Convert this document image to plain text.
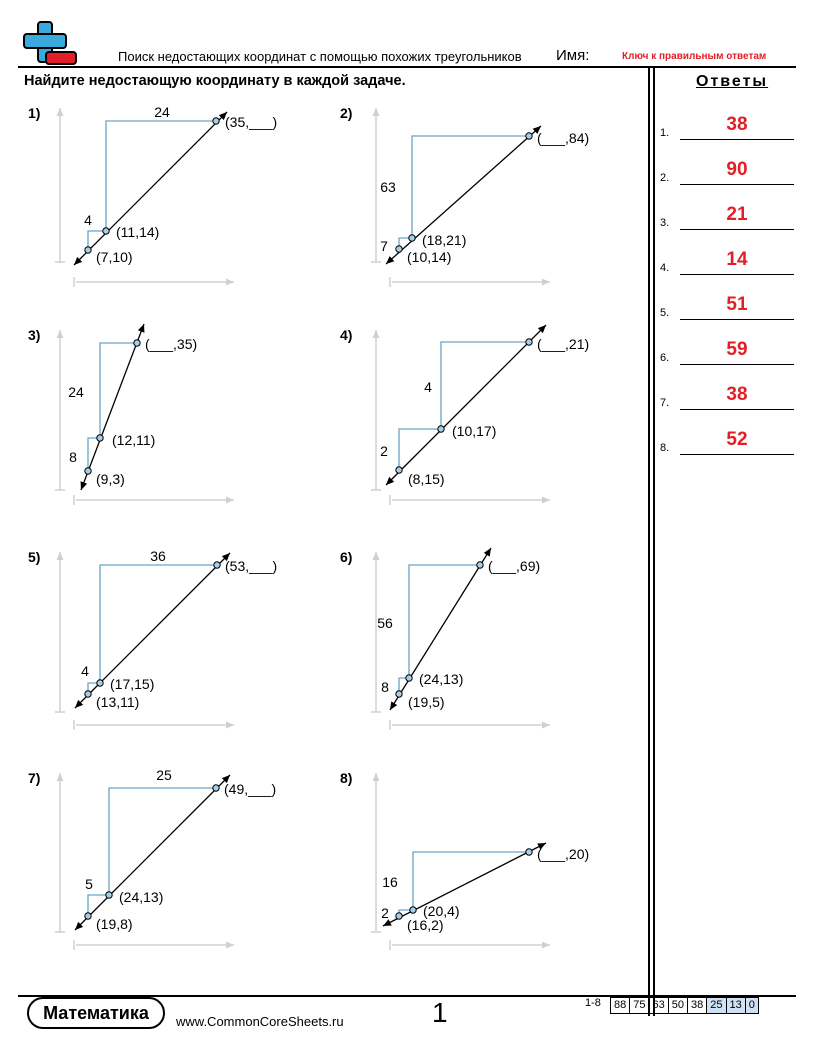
Поиск недостающих координат с помощью похожих треугольников Имя:	Ключ к правильным ответам
Найдите недостающую координату в каждой задаче.	Ответы
1.	38
2.	90
3.	21
4.	14
5.	51
6.	59
7.	38
8.	52
1)
4
24
(7,10)
(11,14)
(35,___)
2)
7
63
(10,14)
(18,21)
(___,84)
3)
8
24
(9,3)
(12,11)
(___,35)
4)
2
4
(8,15)
(10,17)
(___,21)
5)
4
36
(13,11)
(17,15)
(53,___)
6)
8
56
(19,5)
(24,13)
(___,69)
7)
5
25
(19,8)
(24,13)
(49,___)
8)
2
16
(16,2)
(20,4)
(___,20)
Математика	www.CommonCoreSheets.ru	1	1-8 88 75 63 50 38 25 13 0
